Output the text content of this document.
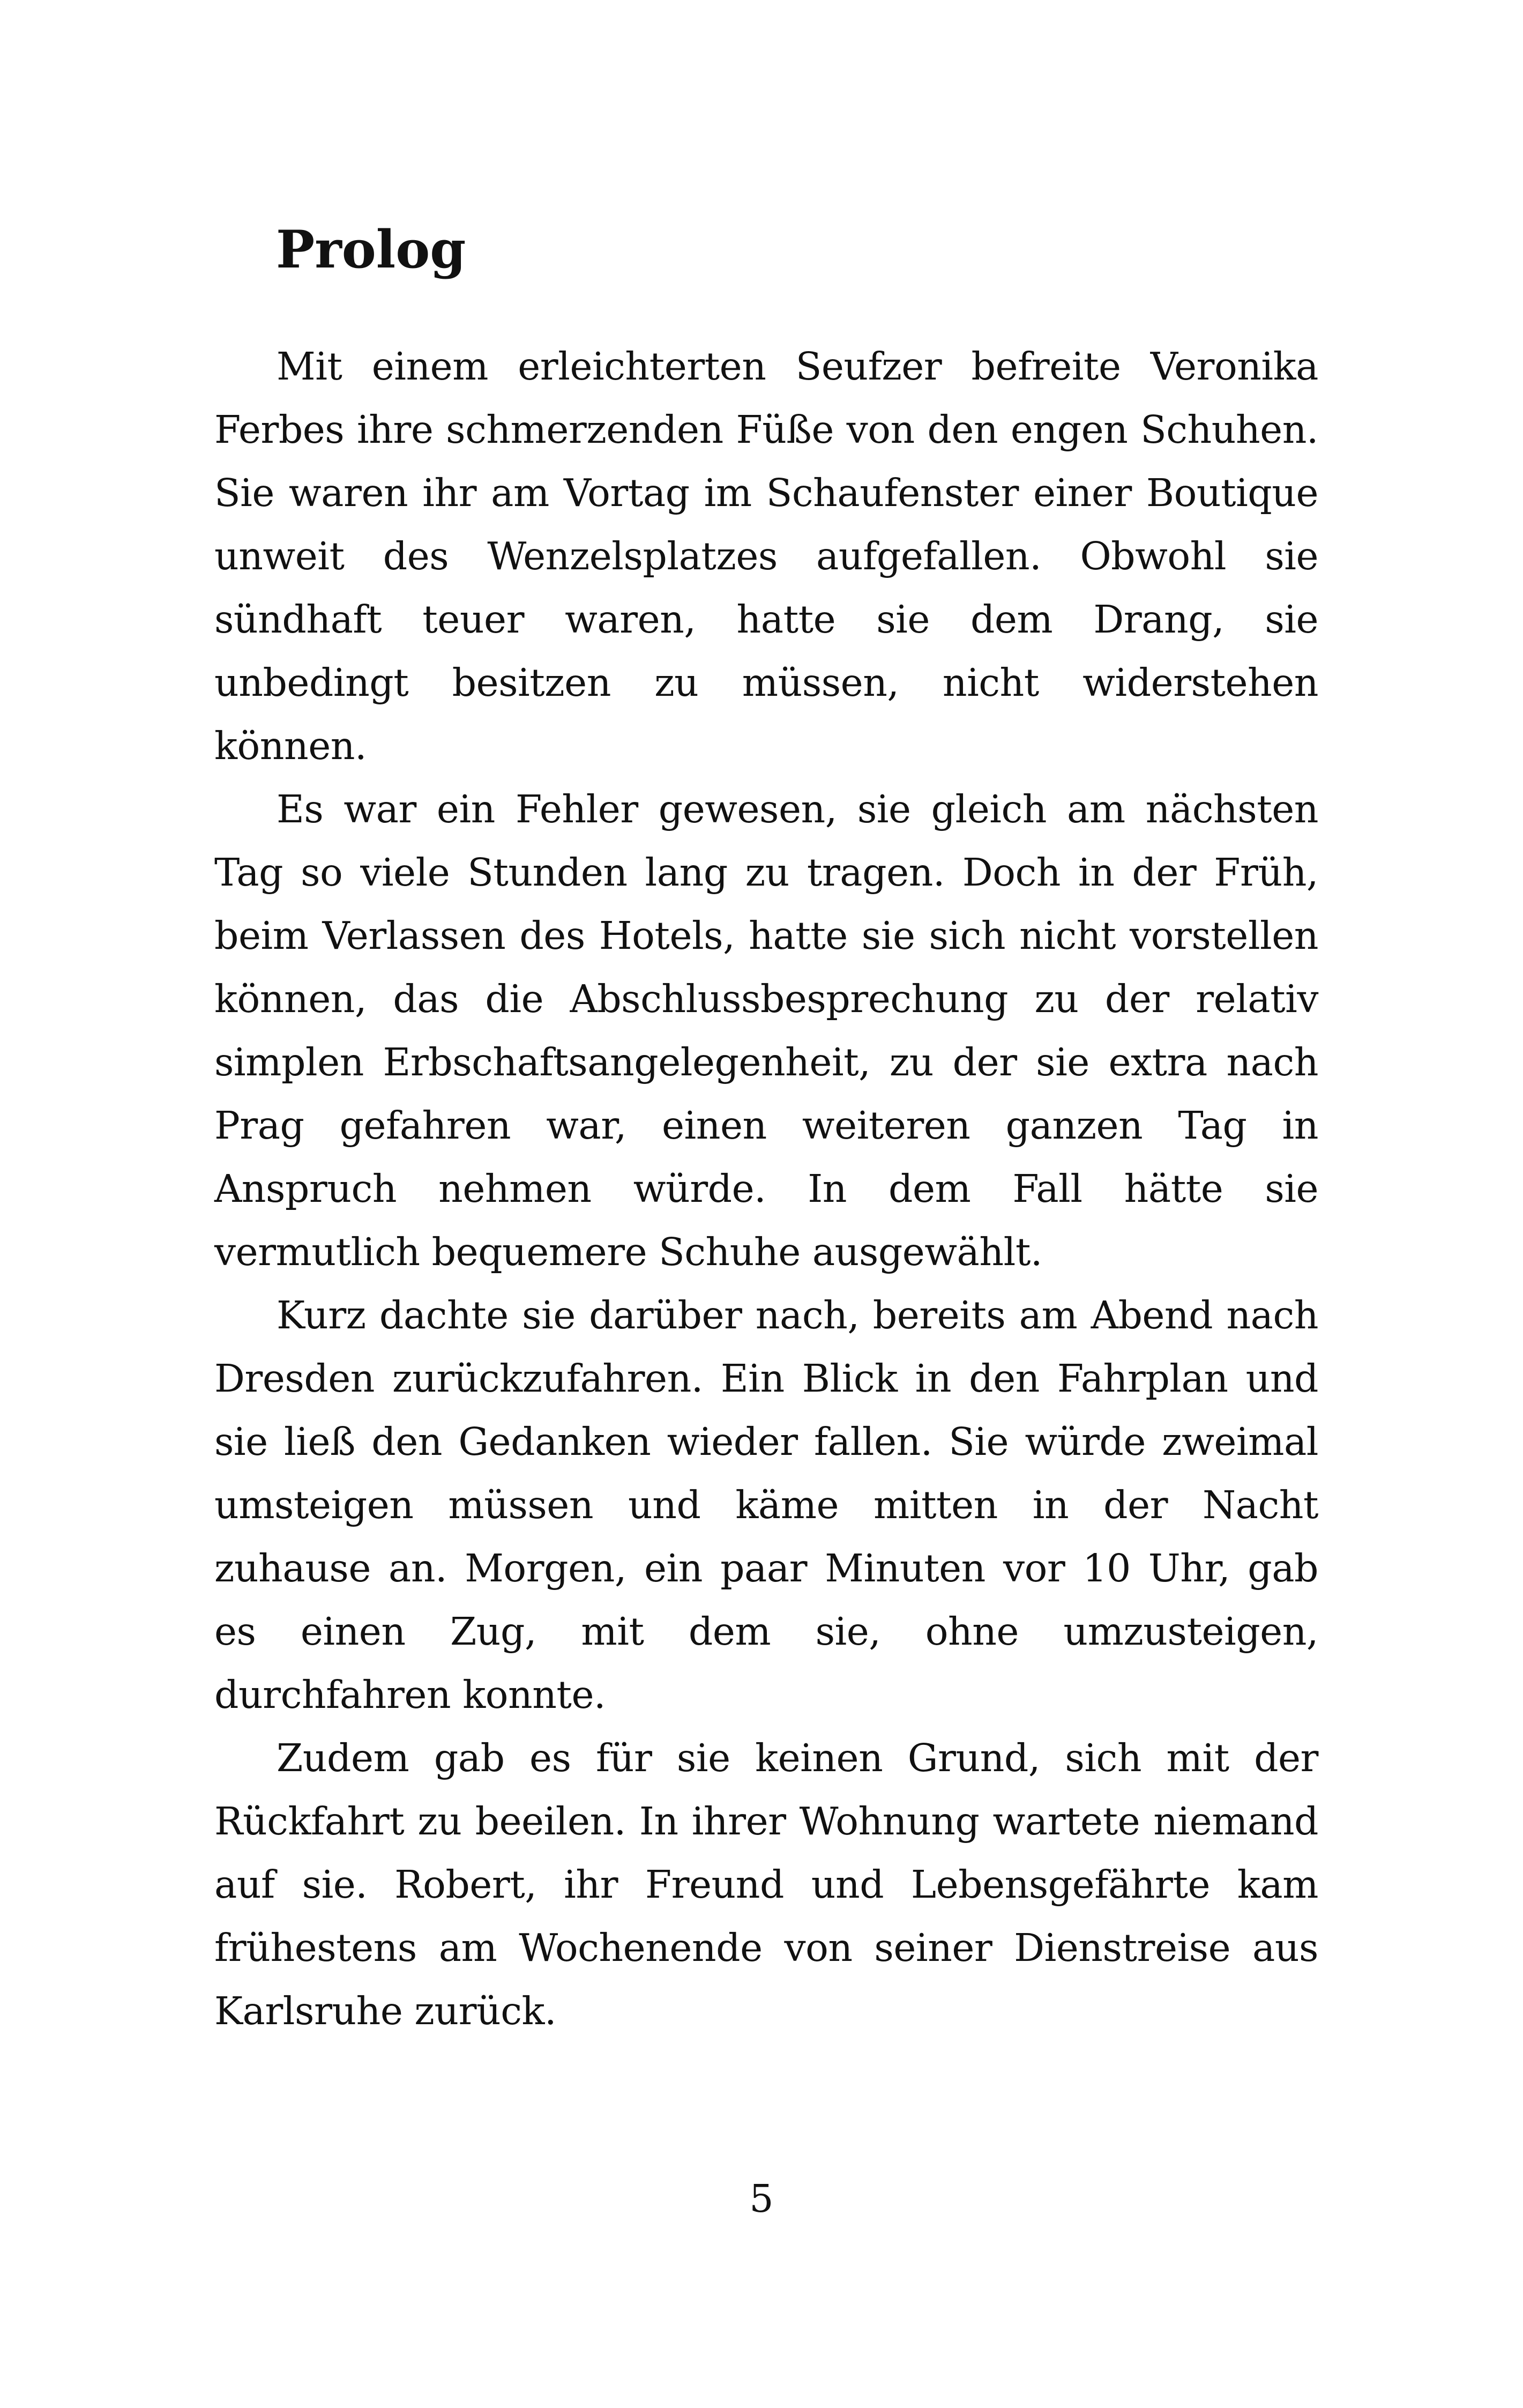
Prolog

Mit einem erleichterten Seufzer befreite Veronika Ferbes ihre schmerzenden Füße von den engen Schuhen. Sie waren ihr am Vortag im Schaufenster einer Boutique unweit des Wenzelsplatzes aufgefallen. Obwohl sie sündhaft teuer waren, hatte sie dem Drang, sie unbedingt besitzen zu müssen, nicht widerstehen können.

Es war ein Fehler gewesen, sie gleich am nächsten Tag so viele Stunden lang zu tragen. Doch in der Früh, beim Verlassen des Hotels, hatte sie sich nicht vorstellen können, das die Abschlussbesprechung zu der relativ simplen Erbschaftsangelegenheit, zu der sie extra nach Prag gefahren war, einen weiteren ganzen Tag in Anspruch nehmen würde. In dem Fall hätte sie vermutlich bequemere Schuhe ausgewählt.

Kurz dachte sie darüber nach, bereits am Abend nach Dresden zurückzufahren. Ein Blick in den Fahrplan und sie ließ den Gedanken wieder fallen. Sie würde zweimal umsteigen müssen und käme mitten in der Nacht zuhause an. Morgen, ein paar Minuten vor 10 Uhr, gab es einen Zug, mit dem sie, ohne umzusteigen, durchfahren konnte.

Zudem gab es für sie keinen Grund, sich mit der Rückfahrt zu beeilen. In ihrer Wohnung wartete niemand auf sie. Robert, ihr Freund und Lebensgefährte kam frühestens am Wochenende von seiner Dienstreise aus Karlsruhe zurück.

5
